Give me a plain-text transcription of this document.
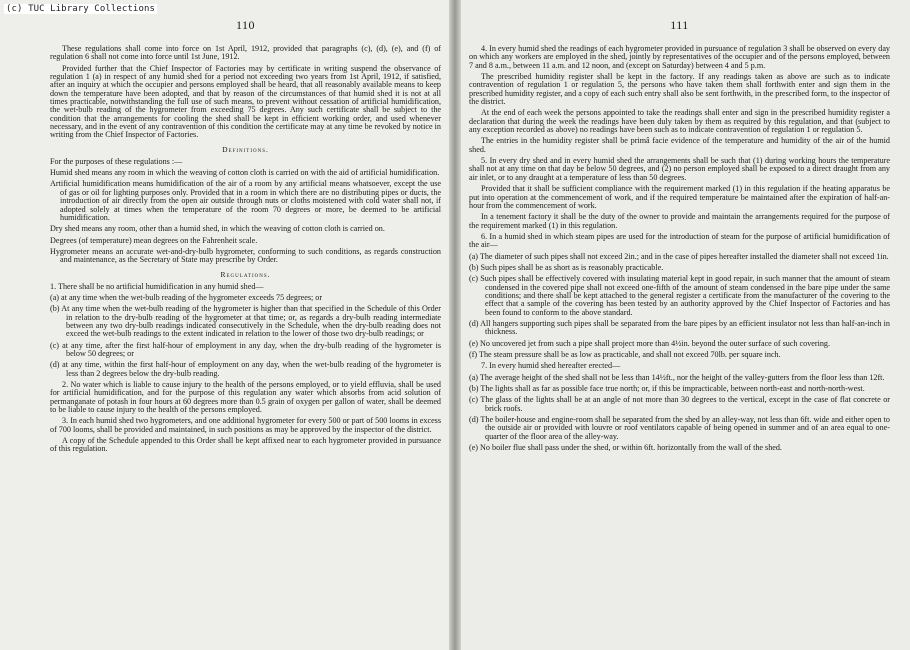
110

These regulations shall come into force on 1st April, 1912, provided that paragraphs (c), (d), (e), and (f) of regulation 6 shall not come into force until 1st June, 1912.

Provided further that the Chief Inspector of Factories may by certificate in writing suspend the observance of regulation 1 (a) in respect of any humid shed for a period not exceeding two years from 1st April, 1912, if satisfied, after an inquiry at which the occupier and persons employed shall be heard, that all reasonably available means to keep down the temperature have been adopted, and that by reason of the circumstances of that humid shed it is not at all times practicable, notwithstanding the full use of such means, to prevent without cessation of artificial humidification, the wet-bulb reading of the hygrometer from exceeding 75 degrees. Any such certificate shall be subject to the condition that the arrangements for cooling the shed shall be kept in efficient working order, and used whenever necessary, and in the event of any contravention of this condition the certificate may at any time be revoked by notice in writing from the Chief Inspector of Factories.

Definitions.

For the purposes of these regulations :—

Humid shed means any room in which the weaving of cotton cloth is carried on with the aid of artificial humidification.

Artificial humidification means humidification of the air of a room by any artificial means whatsoever, except the use of gas or oil for lighting purposes only. Provided that in a room in which there are no distributing pipes or ducts, the introduction of air directly from the open air outside through nuts or cloths moistened with cold water shall not, if adopted solely at times when the temperature of the room 70 degrees or more, be deemed to be artificial humidification.

Dry shed means any room, other than a humid shed, in which the weaving of cotton cloth is carried on.

Degrees (of temperature) mean degrees on the Fahrenheit scale.

Hygrometer means an accurate wet-and-dry-bulb hygrometer, conforming to such conditions, as regards construction and maintenance, as the Secretary of State may prescribe by Order.

Regulations.

1. There shall be no artificial humidification in any humid shed—

(a) at any time when the wet-bulb reading of the hygrometer exceeds 75 degrees; or

(b) At any time when the wet-bulb reading of the hygrometer is higher than that specified in the Schedule of this Order in relation to the dry-bulb reading of the hygrometer at that time; or, as regards a dry-bulb reading intermediate between any two dry-bulb readings indicated consecutively in the Schedule, when the dry-bulb reading does not exceed the wet-bulb readings to the extent indicated in relation to the lower of those two dry-bulb readings; or

(c) at any time, after the first half-hour of employment in any day, when the dry-bulb reading of the hygrometer is below 50 degrees; or

(d) at any time, within the first half-hour of employment on any day, when the wet-bulb reading of the hygrometer is less than 2 degrees below the dry-bulb reading.

2. No water which is liable to cause injury to the health of the persons employed, or to yield effluvia, shall be used for artificial humidification, and for the purpose of this regulation any water which absorbs from acid solution of permanganate of potash in four hours at 60 degrees more than 0.5 grain of oxygen per gallon of water, shall be deemed to be liable to cause injury to the health of the persons employed.

3. In each humid shed two hygrometers, and one additional hygrometer for every 500 or part of 500 looms in excess of 700 looms, shall be provided and maintained, in such positions as may be approved by the inspector of the district.

A copy of the Schedule appended to this Order shall be kept affixed near to each hygrometer provided in pursuance of this regulation.

111

4. In every humid shed the readings of each hygrometer provided in pursuance of regulation 3 shall be observed on every day on which any workers are employed in the shed, jointly by representatives of the occupier and of the persons employed, between 7 and 8 a.m., between 11 a.m. and 12 noon, and (except on Saturday) between 4 and 5 p.m.

The prescribed humidity register shall be kept in the factory. If any readings taken as above are such as to indicate contravention of regulation 1 or regulation 5, the persons who have taken them shall forthwith enter and sign them in the prescribed humidity register, and a copy of each such entry shall also be sent forthwith, in the prescribed form, to the inspector of the district.

At the end of each week the persons appointed to take the readings shall enter and sign in the prescribed humidity register a declaration that during the week the readings have been duly taken by them as required by this regulation, and that (subject to any exception recorded as above) no readings have been such as to indicate contravention of regulation 1 or regulation 5.

The entries in the humidity register shall be primâ facie evidence of the temperature and humidity of the air of the humid shed.

5. In every dry shed and in every humid shed the arrangements shall be such that (1) during working hours the temperature shall not at any time on that day be below 50 degrees, and (2) no person employed shall be exposed to a direct draught from any air inlet, or to any draught at a temperature of less than 50 degrees.

Provided that it shall be sufficient compliance with the requirement marked (1) in this regulation if the heating apparatus be put into operation at the commencement of work, and if the required temperature be maintained after the expiration of half-an-hour from the commencement of work.

In a tenement factory it shall be the duty of the owner to provide and maintain the arrangements required for the purpose of the requirement marked (1) in this regulation.

6. In a humid shed in which steam pipes are used for the introduction of steam for the purpose of artificial humidification of the air—

(a) The diameter of such pipes shall not exceed 2in.; and in the case of pipes hereafter installed the diameter shall not exceed 1in.

(b) Such pipes shall be as short as is reasonably practicable.

(c) Such pipes shall be effectively covered with insulating material kept in good repair, in such manner that the amount of steam condensed in the covered pipe shall not exceed one-fifth of the amount of steam condensed in the bare pipe under the same conditions; and there shall be kept attached to the general register a certificate from the manufacturer of the covering to the effect that a sample of the covering has been tested by an authority approved by the Chief Inspector of Factories and has been found to conform to the above standard.

(d) All hangers supporting such pipes shall be separated from the bare pipes by an efficient insulator not less than half-an-inch in thickness.

(e) No uncovered jet from such a pipe shall project more than 4½in. beyond the outer surface of such covering.

(f) The steam pressure shall be as low as practicable, and shall not exceed 70lb. per square inch.

7. In every humid shed hereafter erected—

(a) The average height of the shed shall not be less than 14½ft., nor the height of the valley-gutters from the floor less than 12ft.

(b) The lights shall as far as possible face true north; or, if this be impracticable, between north-east and north-north-west.

(c) The glass of the lights shall be at an angle of not more than 30 degrees to the vertical, except in the case of flat concrete or brick roofs.

(d) The boiler-house and engine-room shall be separated from the shed by an alley-way, not less than 6ft. wide and either open to the outside air or provided with louvre or roof ventilators capable of being opened in summer and of an area equal to one-quarter of the floor area of the alley-way.

(e) No boiler flue shall pass under the shed, or within 6ft. horizontally from the wall of the shed.

(c) TUC Library Collections
